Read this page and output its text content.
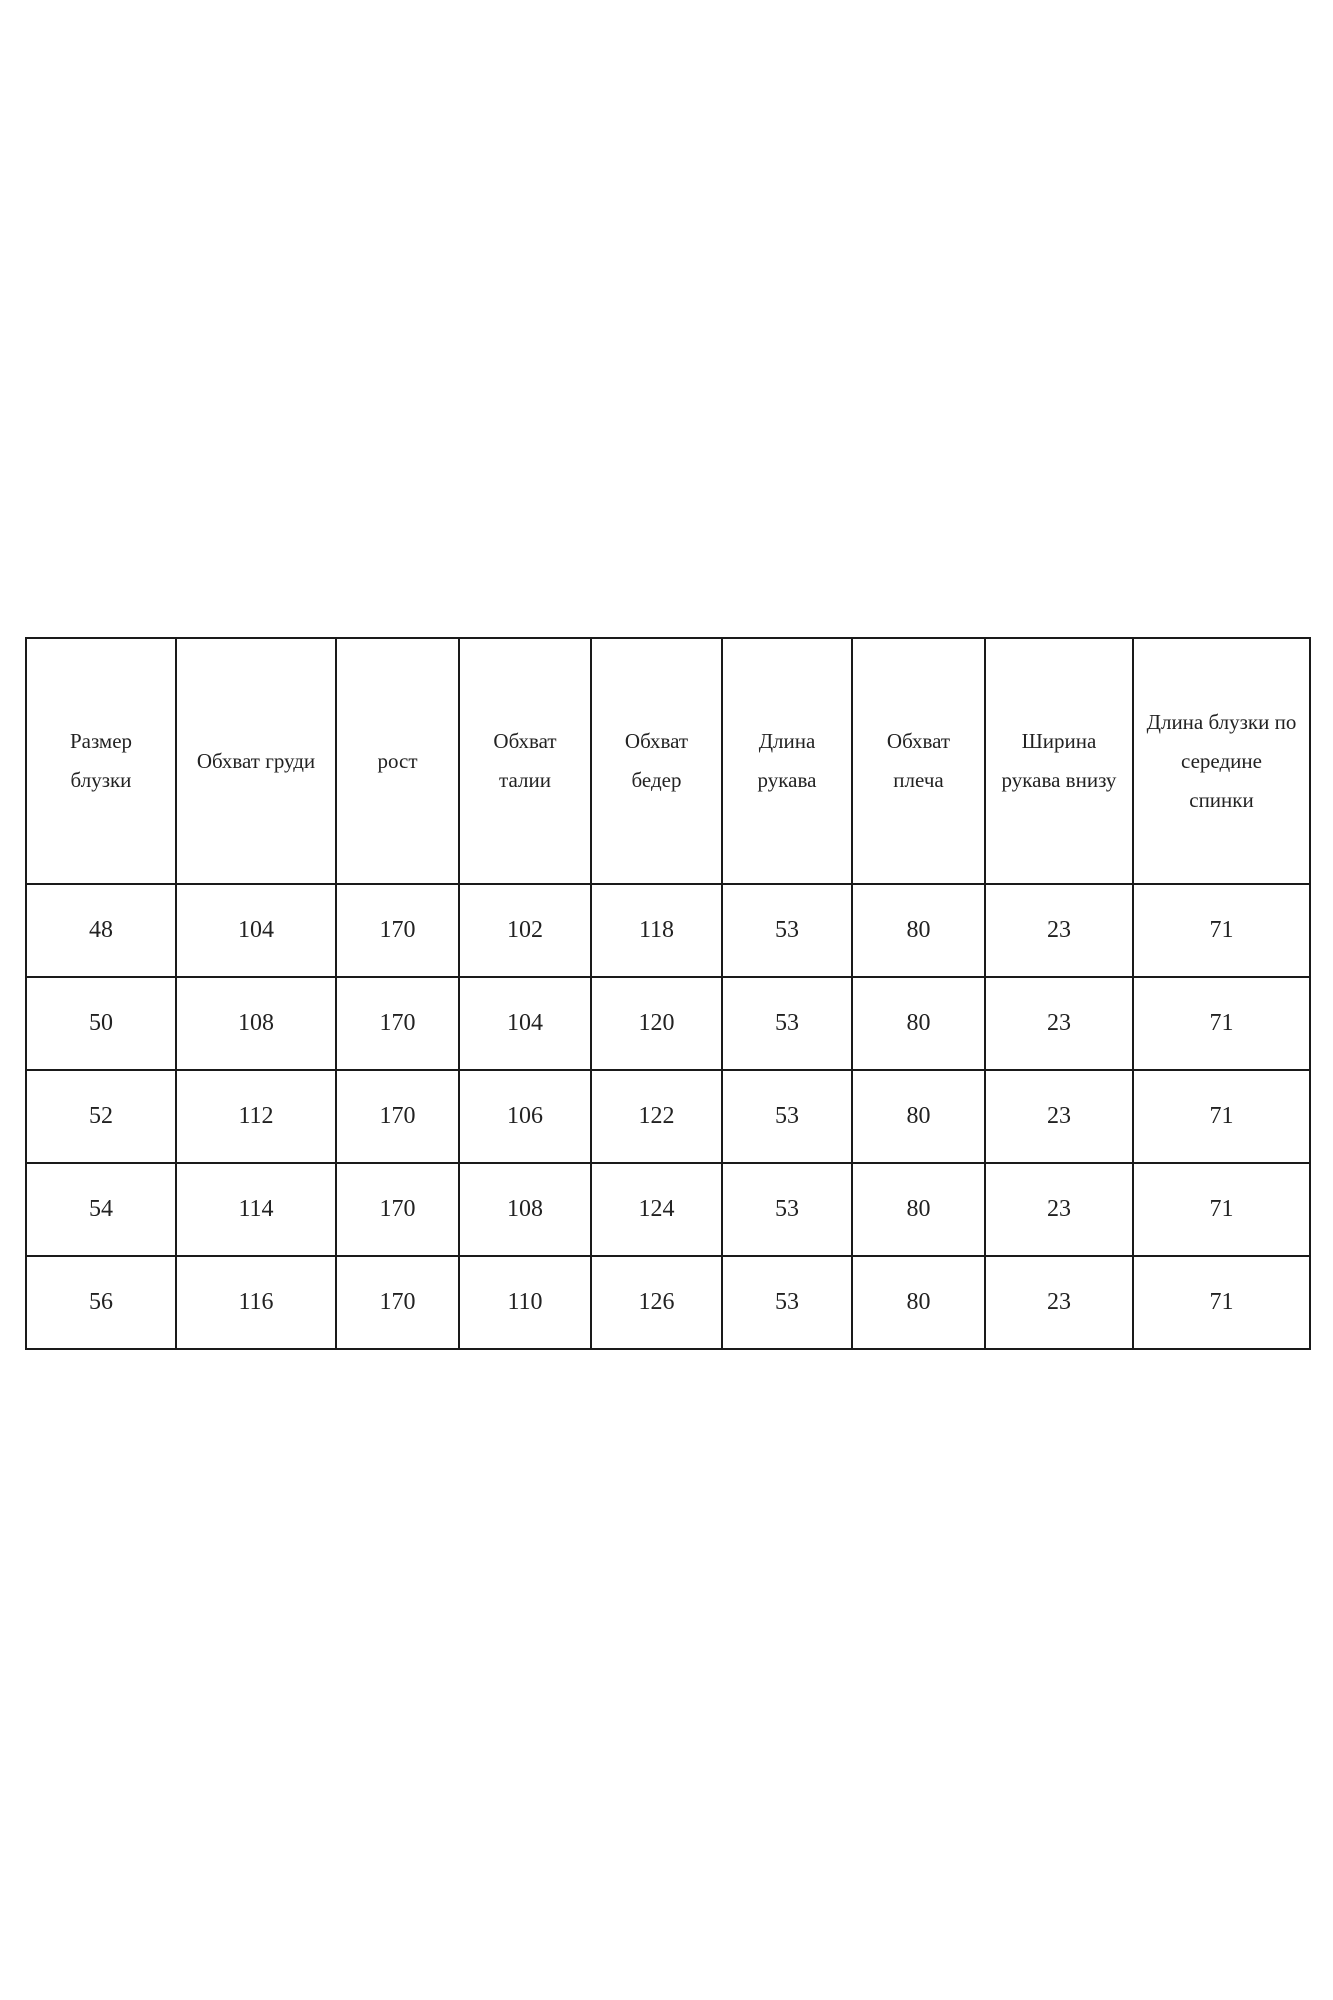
Размер блузки	Обхват груди	рост	Обхват талии	Обхват бедер	Длина рукава	Обхват плеча	Ширина рукава внизу	Длина блузки по середине спинки
48	104	170	102	118	53	80	23	71
50	108	170	104	120	53	80	23	71
52	112	170	106	122	53	80	23	71
54	114	170	108	124	53	80	23	71
56	116	170	110	126	53	80	23	71
